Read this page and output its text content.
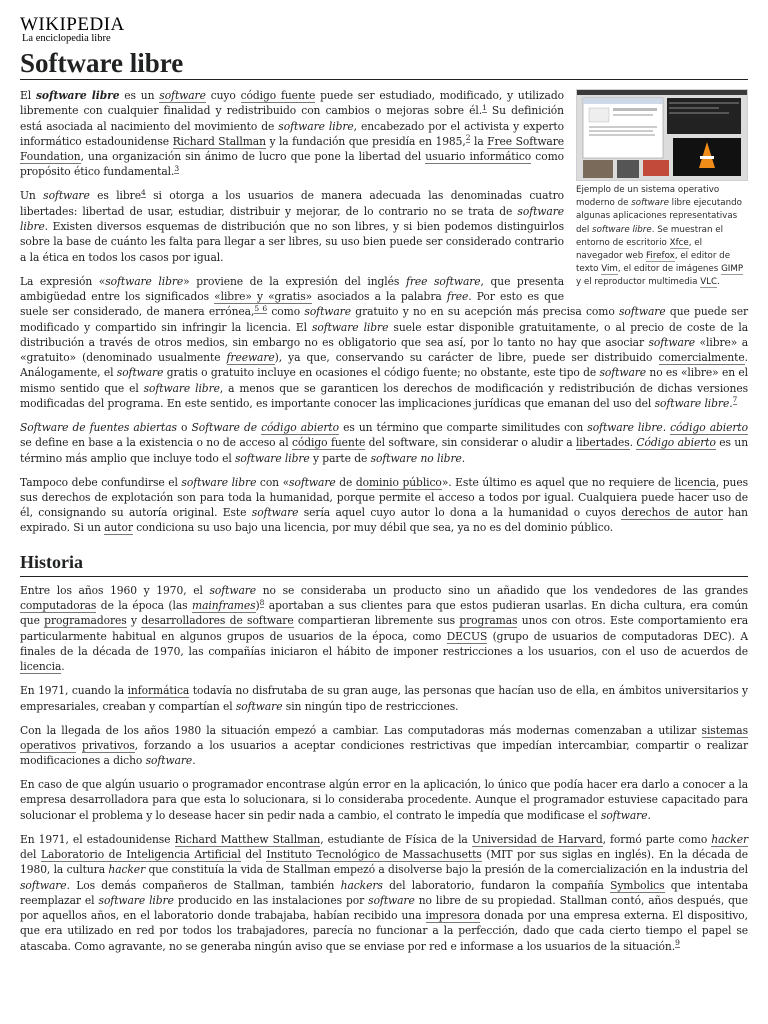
WIKIPEDIA
La enciclopedia libre
Software libre
Ejemplo de un sistema operativo moderno de software libre ejecutando algunas aplicaciones representativas del software libre. Se muestran el entorno de escritorio Xfce, el navegador web Firefox, el editor de texto Vim, el editor de imágenes GIMP y el reproductor multimedia VLC.

El software libre es un software cuyo código fuente puede ser estudiado, modificado, y utilizado libremente con cualquier finalidad y redistribuido con cambios o mejoras sobre él.$^1$ Su definición está asociada al nacimiento del movimiento de software libre, encabezado por el activista y experto informático estadounidense Richard Stallman y la fundación que presidía en 1985,$^2$ la Free Software Foundation, una organización sin ánimo de lucro que pone la libertad del usuario informático como propósito ético fundamental.$^3$

Un software es libre$^4$ si otorga a los usuarios de manera adecuada las denominadas cuatro libertades: libertad de usar, estudiar, distribuir y mejorar, de lo contrario no se trata de software libre. Existen diversos esquemas de distribución que no son libres, y si bien podemos distinguirlos sobre la base de cuánto les falta para llegar a ser libres, su uso bien puede ser considerado contrario a la ética en todos los casos por igual.

La expresión «software libre» proviene de la expresión del inglés free software, que presenta ambigüedad entre los significados «libre» y «gratis» asociados a la palabra free. Por esto es que suele ser considerado, de manera errónea,$^{5 6}$ como software gratuito y no en su acepción más precisa como software que puede ser modificado y compartido sin infringir la licencia. El software libre suele estar disponible gratuitamente, o al precio de coste de la distribución a través de otros medios, sin embargo no es obligatorio que sea así, por lo tanto no hay que asociar software «libre» a «gratuito» (denominado usualmente freeware), ya que, conservando su carácter de libre, puede ser distribuido comercialmente. Análogamente, el software gratis o gratuito incluye en ocasiones el código fuente; no obstante, este tipo de software no es «libre» en el mismo sentido que el software libre, a menos que se garanticen los derechos de modificación y redistribución de dichas versiones modificadas del programa. En este sentido, es importante conocer las implicaciones jurídicas que emanan del uso del software libre.$^7$

Software de fuentes abiertas o Software de código abierto es un término que comparte similitudes con software libre. código abierto se define en base a la existencia o no de acceso al código fuente del software, sin considerar o aludir a libertades. Código abierto es un término más amplio que incluye todo el software libre y parte de software no libre.

Tampoco debe confundirse el software libre con «software de dominio público». Este último es aquel que no requiere de licencia, pues sus derechos de explotación son para toda la humanidad, porque permite el acceso a todos por igual. Cualquiera puede hacer uso de él, consignando su autoría original. Este software sería aquel cuyo autor lo dona a la humanidad o cuyos derechos de autor han expirado. Si un autor condiciona su uso bajo una licencia, por muy débil que sea, ya no es del dominio público.

Historia

Entre los años 1960 y 1970, el software no se consideraba un producto sino un añadido que los vendedores de las grandes computadoras de la época (las mainframes)$^8$ aportaban a sus clientes para que estos pudieran usarlas. En dicha cultura, era común que programadores y desarrolladores de software compartieran libremente sus programas unos con otros. Este comportamiento era particularmente habitual en algunos grupos de usuarios de la época, como DECUS (grupo de usuarios de computadoras DEC). A finales de la década de 1970, las compañías iniciaron el hábito de imponer restricciones a los usuarios, con el uso de acuerdos de licencia.

En 1971, cuando la informática todavía no disfrutaba de su gran auge, las personas que hacían uso de ella, en ámbitos universitarios y empresariales, creaban y compartían el software sin ningún tipo de restricciones.

Con la llegada de los años 1980 la situación empezó a cambiar. Las computadoras más modernas comenzaban a utilizar sistemas operativos privativos, forzando a los usuarios a aceptar condiciones restrictivas que impedían intercambiar, compartir o realizar modificaciones a dicho software.

En caso de que algún usuario o programador encontrase algún error en la aplicación, lo único que podía hacer era darlo a conocer a la empresa desarrolladora para que esta lo solucionara, si lo consideraba procedente. Aunque el programador estuviese capacitado para solucionar el problema y lo desease hacer sin pedir nada a cambio, el contrato le impedía que modificase el software.

En 1971, el estadounidense Richard Matthew Stallman, estudiante de Física de la Universidad de Harvard, formó parte como hacker del Laboratorio de Inteligencia Artificial del Instituto Tecnológico de Massachusetts (MIT por sus siglas en inglés). En la década de 1980, la cultura hacker que constituía la vida de Stallman empezó a disolverse bajo la presión de la comercialización en la industria del software. Los demás compañeros de Stallman, también hackers del laboratorio, fundaron la compañía Symbolics que intentaba reemplazar el software libre producido en las instalaciones por software no libre de su propiedad. Stallman contó, años después, que por aquellos años, en el laboratorio donde trabajaba, habían recibido una impresora donada por una empresa externa. El dispositivo, que era utilizado en red por todos los trabajadores, parecía no funcionar a la perfección, dado que cada cierto tiempo el papel se atascaba. Como agravante, no se generaba ningún aviso que se enviase por red e informase a los usuarios de la situación.$^9$
